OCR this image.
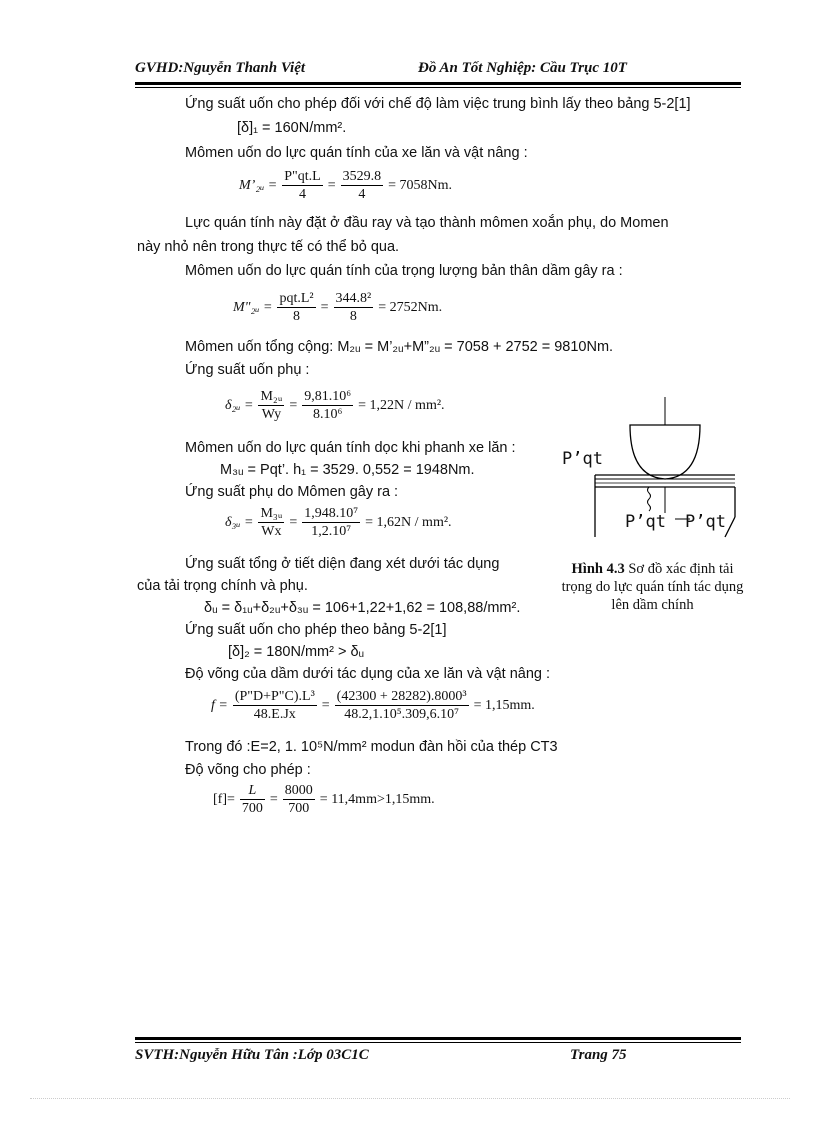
GVHD:Nguyễn Thanh Việt	Đồ An Tốt Nghiệp: Cầu Trục 10T
Ứng suất uốn cho phép đối với chế độ làm việc trung bình lấy theo bảng 5-2[1]
[δ]₁ = 160N/mm².
Mômen uốn do lực quán tính của xe lăn và vật nâng :
M’₂ᵤ = $\frac{P"qt.L}{4} = \frac{3529.8}{4} = 7058Nm$.
Lực quán tính này đặt ở đầu ray và tạo thành mômen xoắn phụ, do Momen
này nhỏ nên trong thực tế có thể bỏ qua.
Mômen uốn do lực quán tính của trọng lượng bản thân dầm gây ra :
M"₂ᵤ = $\frac{\text{pqt.L²}}{8} = \frac{\text{344.8²}}{8} = 2752Nm$.
Mômen uốn tổng cộng: M₂ᵤ = M’₂ᵤ+M”₂ᵤ = 7058 + 2752 = 9810Nm.
Ứng suất uốn phụ :
δ₂ᵤ = $\frac{\text{M₂ᵤ}}{Wy} = \frac{\text{9,81.10⁶}}{\text{8.10⁶}} = 1,22N / mm^2$.
Mômen uốn do lực quán tính dọc khi phanh xe lăn :
M₃ᵤ = Pqt’. h₁ = 3529. 0,552 = 1948Nm.
Ứng suất phụ do Mômen gây ra :
δ₃ᵤ = $\frac{\text{M₃ᵤ}}{Wx} = \frac{\text{1,948.10⁷}}{\text{1,2.10⁷}} = 1,62N / mm^2$.
Ứng suất tổng ở tiết diện đang xét dưới tác dụng
của tải trọng chính và phụ.
δᵤ = δ₁ᵤ+δ₂ᵤ+δ₃ᵤ = 106+1,22+1,62 = 108,88/mm².
Ứng suất uốn cho phép theo bảng 5-2[1]
[δ]₂ = 180N/mm² > δᵤ
Độ võng của dầm dưới tác dụng của xe lăn và vật nâng :
$f = \frac{\text{(P"D+P"C).L³}}{48.E.Jx} = \frac{\text{(42300 + 28282).8000³}}{\text{48.2,1.10⁵.309,6.10⁷}} = 1,15mm$.
Trong đó :E=2, 1. 10⁵N/mm² modun đàn hồi của thép CT3
Độ võng cho phép :
$[f]= \frac{L}{700} = \frac{8000}{700} = 11,4mm>1,15mm$.
P’qt
P’qt P’qt
Hình 4.3 Sơ đồ xác định tải trọng do lực quán tính tác dụng lên dầm chính
SVTH:Nguyễn Hữu Tân :Lớp 03C1C	Trang 75
